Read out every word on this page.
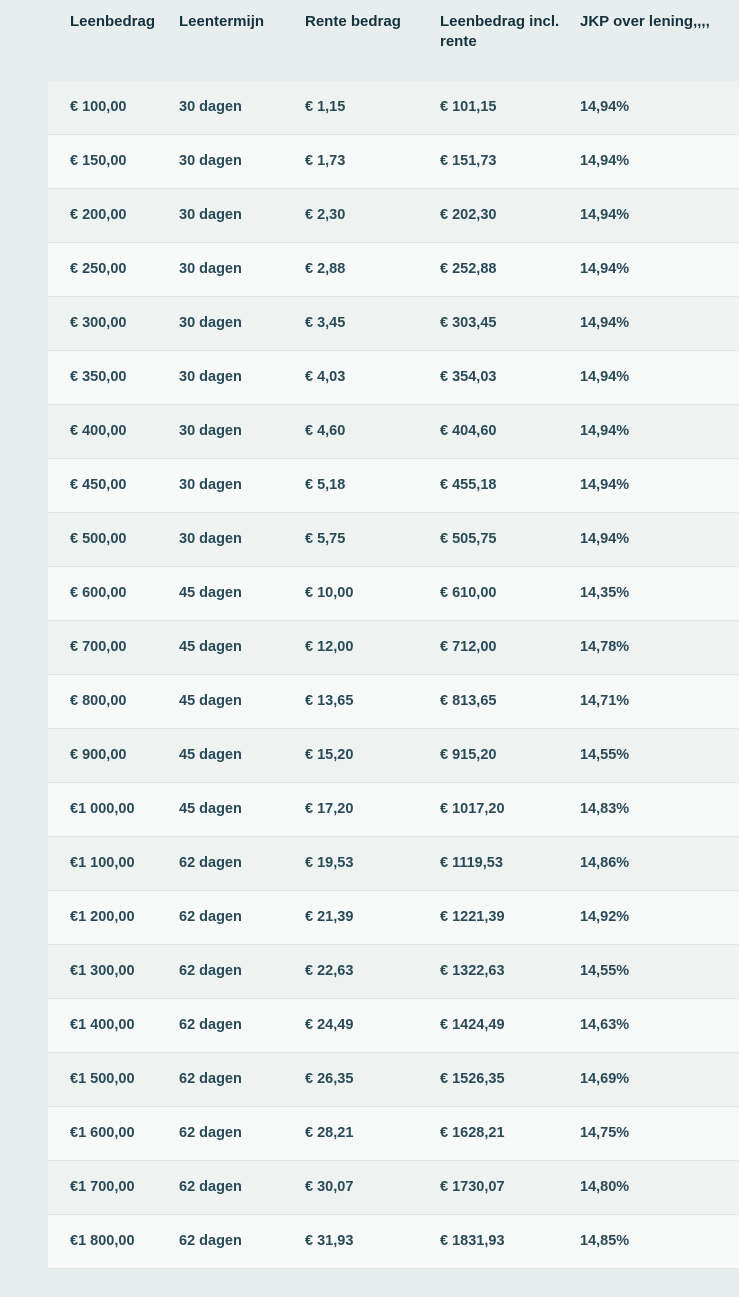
Leenbedrag	Leentermijn	Rente bedrag	Leenbedrag incl. rente	JKP over lening,,,,
€ 100,00	30 dagen	€ 1,15	€ 101,15	14,94%
€ 150,00	30 dagen	€ 1,73	€ 151,73	14,94%
€ 200,00	30 dagen	€ 2,30	€ 202,30	14,94%
€ 250,00	30 dagen	€ 2,88	€ 252,88	14,94%
€ 300,00	30 dagen	€ 3,45	€ 303,45	14,94%
€ 350,00	30 dagen	€ 4,03	€ 354,03	14,94%
€ 400,00	30 dagen	€ 4,60	€ 404,60	14,94%
€ 450,00	30 dagen	€ 5,18	€ 455,18	14,94%
€ 500,00	30 dagen	€ 5,75	€ 505,75	14,94%
€ 600,00	45 dagen	€ 10,00	€ 610,00	14,35%
€ 700,00	45 dagen	€ 12,00	€ 712,00	14,78%
€ 800,00	45 dagen	€ 13,65	€ 813,65	14,71%
€ 900,00	45 dagen	€ 15,20	€ 915,20	14,55%
€1 000,00	45 dagen	€ 17,20	€ 1017,20	14,83%
€1 100,00	62 dagen	€ 19,53	€ 1119,53	14,86%
€1 200,00	62 dagen	€ 21,39	€ 1221,39	14,92%
€1 300,00	62 dagen	€ 22,63	€ 1322,63	14,55%
€1 400,00	62 dagen	€ 24,49	€ 1424,49	14,63%
€1 500,00	62 dagen	€ 26,35	€ 1526,35	14,69%
€1 600,00	62 dagen	€ 28,21	€ 1628,21	14,75%
€1 700,00	62 dagen	€ 30,07	€ 1730,07	14,80%
€1 800,00	62 dagen	€ 31,93	€ 1831,93	14,85%
